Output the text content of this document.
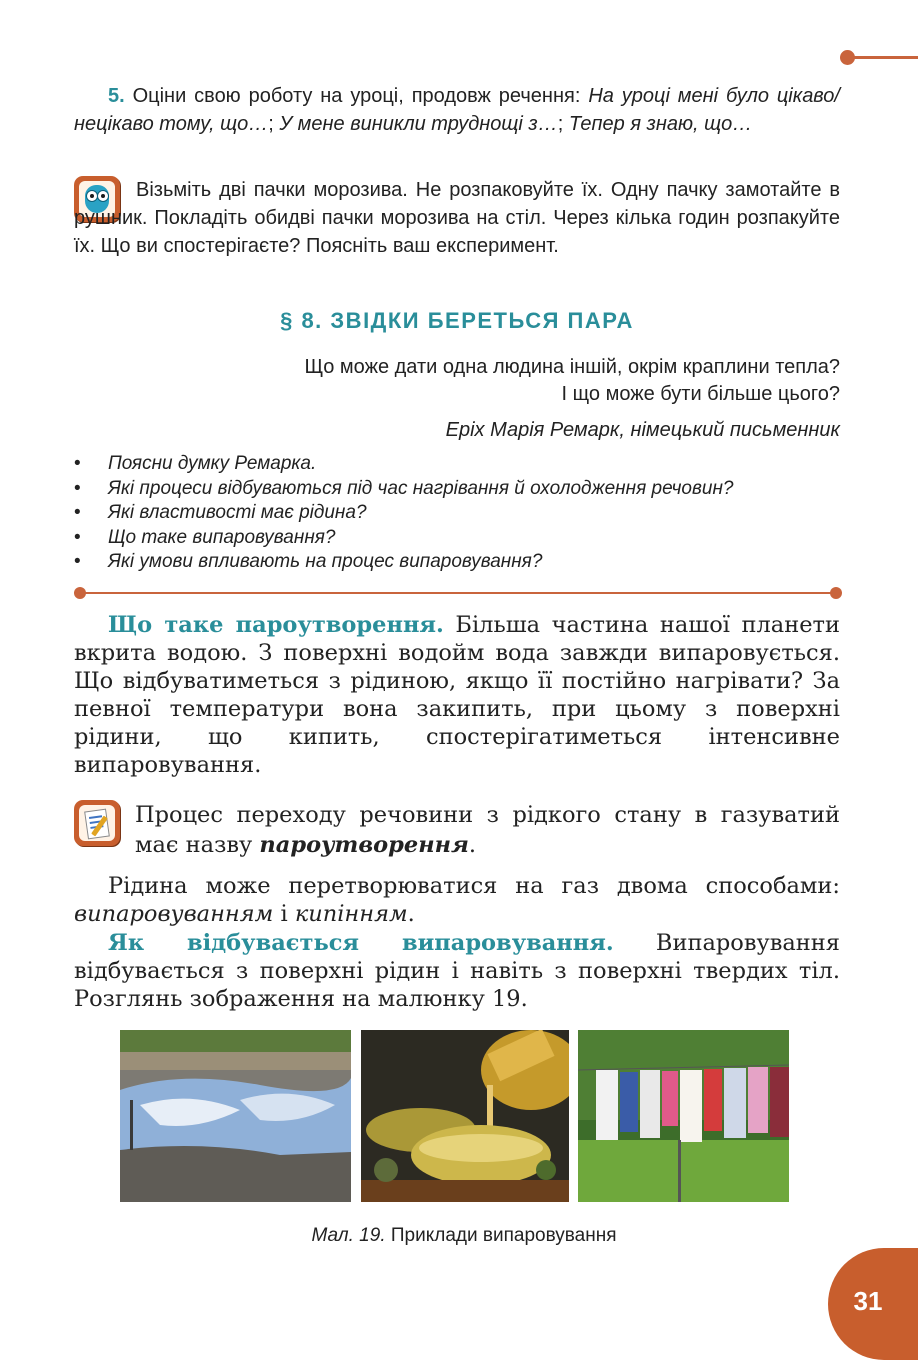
5. Оціни свою роботу на уроці, продовж речення: На уроці мені було цікаво/нецікаво тому, що…; У мене виникли труднощі з…; Тепер я знаю, що…

Візьміть дві пачки морозива. Не розпаковуйте їх. Одну пачку замотайте в рушник. Покладіть обидві пачки морозива на стіл. Через кілька годин розпакуйте їх. Що ви спостерігаєте? Поясніть ваш експеримент.

§ 8. ЗВІДКИ БЕРЕТЬСЯ ПАРА
Що може дати одна людина іншій, окрім краплини тепла?
І що може бути більше цього?
Еріх Марія Ремарк, німецький письменник
• Поясни думку Ремарка.
• Які процеси відбуваються під час нагрівання й охолодження речовин?
• Які властивості має рідина?
• Що таке випаровування?
• Які умови впливають на процес випаровування?

Що таке пароутворення. Більша частина нашої планети вкрита водою. З поверхні водойм вода завжди випаровується. Що відбуватиметься з рідиною, якщо її постійно нагрівати? За певної температури вона закипить, при цьому з поверхні рідини, що кипить, спостерігатиметься інтенсивне випаровування.

Процес переходу речовини з рідкого стану в газуватий має назву пароутворення.

Рідина може перетворюватися на газ двома способами: випаровуванням і кипінням.

Як відбувається випаровування. Випаровування відбувається з поверхні рідин і навіть з поверхні твердих тіл. Розглянь зображення на малюнку 19.

Мал. 19. Приклади випаровування
31
